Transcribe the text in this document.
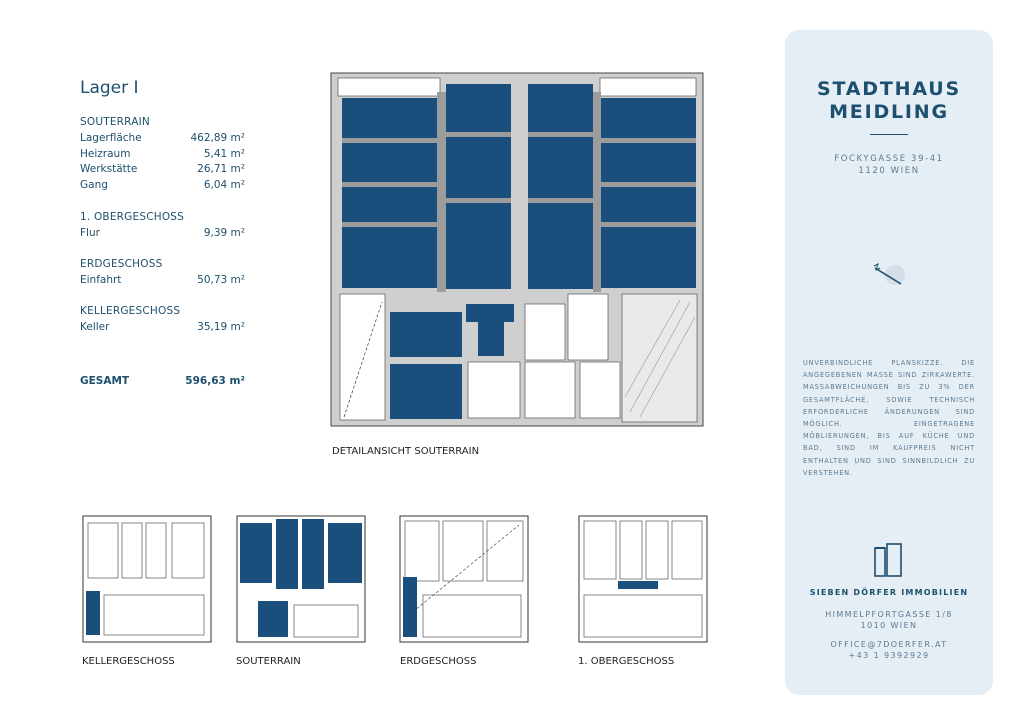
Lager I
SOUTERRAIN
Lagerfläche	462,89 m²
Heizraum	5,41 m²
Werkstätte	26,71 m²
Gang	6,04 m²
1. OBERGESCHOSS
Flur	9,39 m²
ERDGESCHOSS
Einfahrt	50,73 m²
KELLERGESCHOSS
Keller	35,19 m²
GESAMT	596,63 m²
DETAILANSICHT SOUTERRAIN
KELLERGESCHOSS	SOUTERRAIN	ERDGESCHOSS	1. OBERGESCHOSS
STADTHAUS
MEIDLING
FOCKYGASSE 39-41
1120 WIEN
UNVERBINDLICHE PLANSKIZZE. DIE ANGEGEBENEN MASSE SIND ZIRKAWERTE. MASSABWEICHUNGEN BIS ZU 3% DER GESAMTFLÄCHE, SOWIE TECHNISCH ERFORDERLICHE ÄNDERUNGEN SIND MÖGLICH. EINGETRAGENE MÖBLIERUNGEN, BIS AUF KÜCHE UND BAD, SIND IM KAUFPREIS NICHT ENTHALTEN UND SIND SINNBILDLICH ZU VERSTEHEN.
SIEBEN DÖRFER IMMOBILIEN
HIMMELPFORTGASSE 1/8
1010 WIEN
OFFICE@7DOERFER.AT
+43 1 9392929
